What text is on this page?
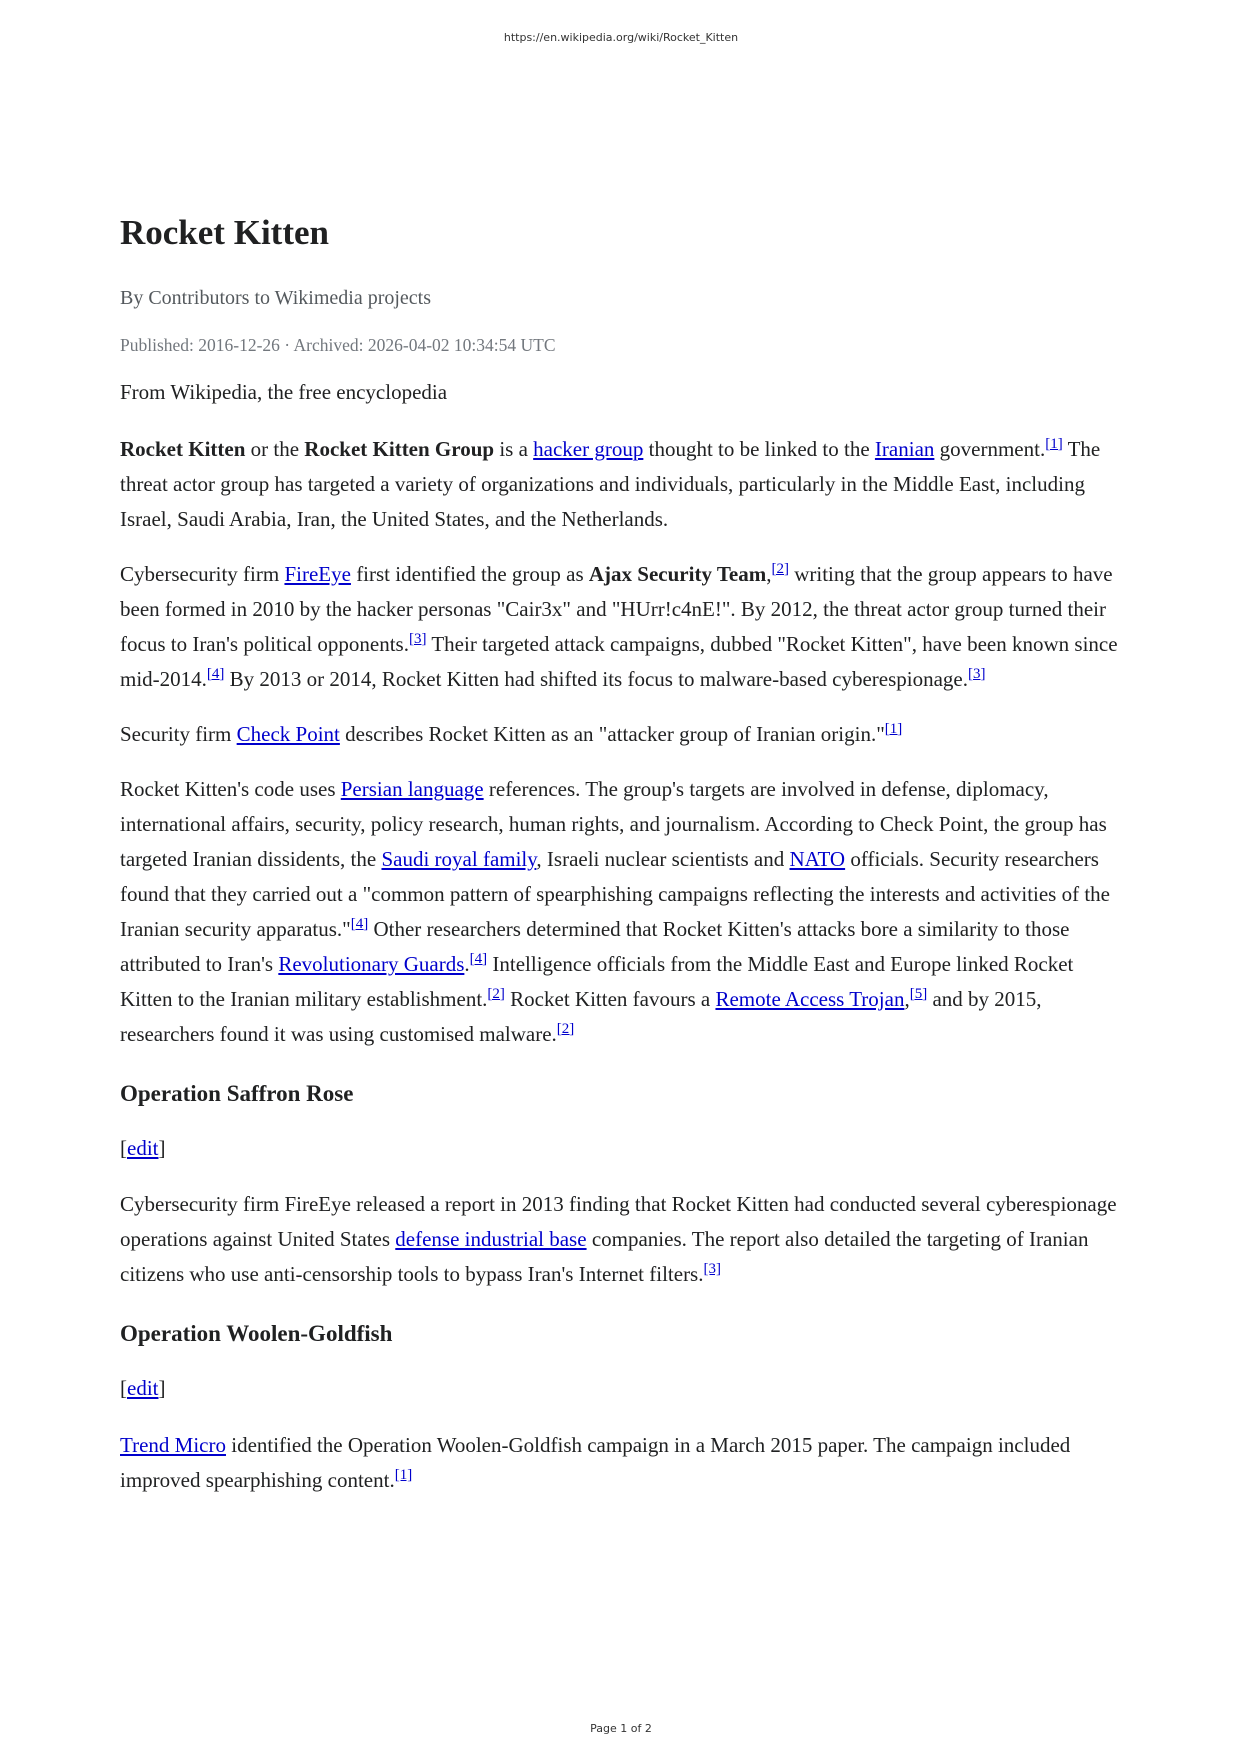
https://en.wikipedia.org/wiki/Rocket_Kitten
Rocket Kitten
By Contributors to Wikimedia projects
Published: 2016-12-26 · Archived: 2026-04-02 10:34:54 UTC
From Wikipedia, the free encyclopedia

Rocket Kitten or the Rocket Kitten Group is a hacker group thought to be linked to the Iranian government.[1] The threat actor group has targeted a variety of organizations and individuals, particularly in the Middle East, including Israel, Saudi Arabia, Iran, the United States, and the Netherlands.

Cybersecurity firm FireEye first identified the group as Ajax Security Team,[2] writing that the group appears to have been formed in 2010 by the hacker personas "Cair3x" and "HUrr!c4nE!". By 2012, the threat actor group turned their focus to Iran's political opponents.[3] Their targeted attack campaigns, dubbed "Rocket Kitten", have been known since mid-2014.[4] By 2013 or 2014, Rocket Kitten had shifted its focus to malware-based cyberespionage.[3]

Security firm Check Point describes Rocket Kitten as an "attacker group of Iranian origin."[1]

Rocket Kitten's code uses Persian language references. The group's targets are involved in defense, diplomacy, international affairs, security, policy research, human rights, and journalism. According to Check Point, the group has targeted Iranian dissidents, the Saudi royal family, Israeli nuclear scientists and NATO officials. Security researchers found that they carried out a "common pattern of spearphishing campaigns reflecting the interests and activities of the Iranian security apparatus."[4] Other researchers determined that Rocket Kitten's attacks bore a similarity to those attributed to Iran's Revolutionary Guards.[4] Intelligence officials from the Middle East and Europe linked Rocket Kitten to the Iranian military establishment.[2] Rocket Kitten favours a Remote Access Trojan,[5] and by 2015, researchers found it was using customised malware.[2]

Operation Saffron Rose
[edit]

Cybersecurity firm FireEye released a report in 2013 finding that Rocket Kitten had conducted several cyberespionage operations against United States defense industrial base companies. The report also detailed the targeting of Iranian citizens who use anti-censorship tools to bypass Iran's Internet filters.[3]

Operation Woolen-Goldfish
[edit]

Trend Micro identified the Operation Woolen-Goldfish campaign in a March 2015 paper. The campaign included improved spearphishing content.[1]

Page 1 of 2
